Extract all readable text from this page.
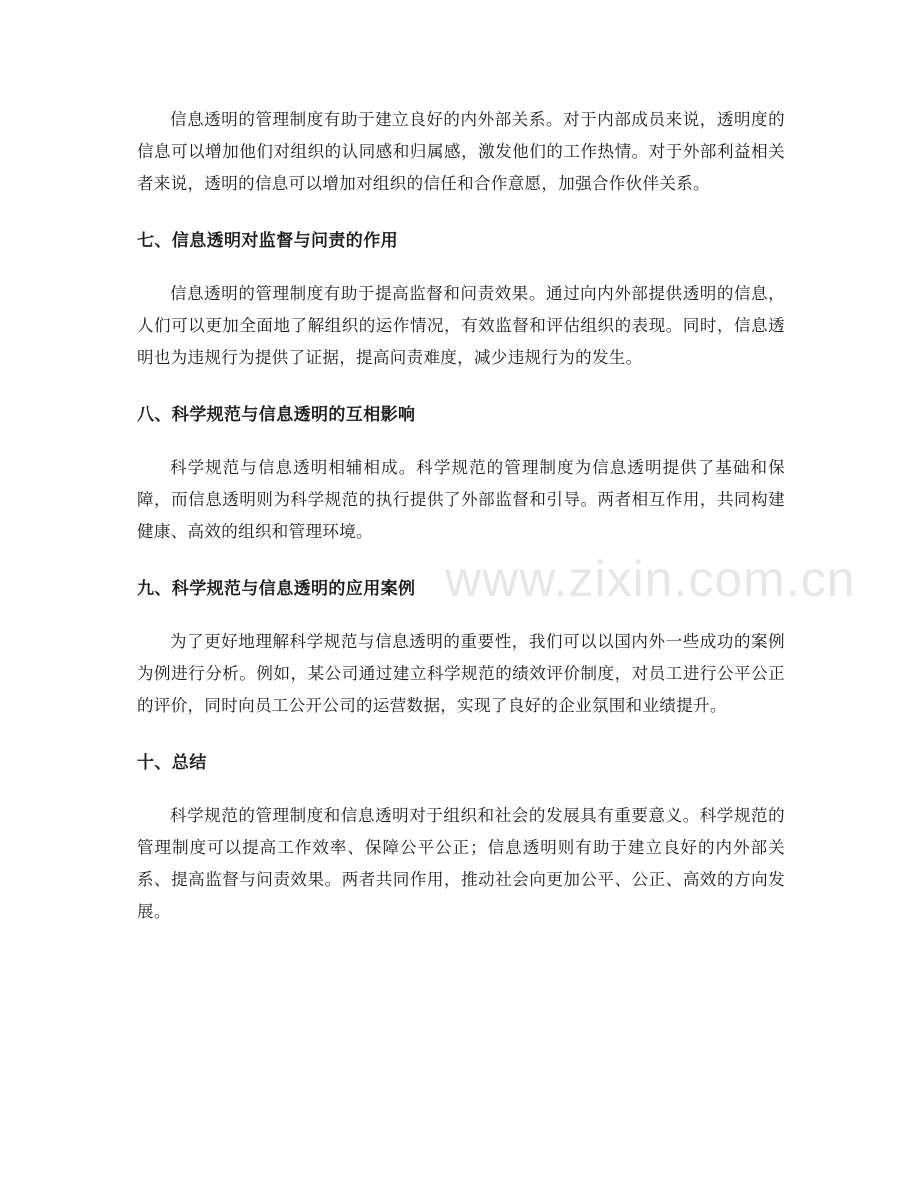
信息透明的管理制度有助于建立良好的内外部关系。对于内部成员来说，透明度的信息可以增加他们对组织的认同感和归属感，激发他们的工作热情。对于外部利益相关者来说，透明的信息可以增加对组织的信任和合作意愿，加强合作伙伴关系。

七、信息透明对监督与问责的作用

信息透明的管理制度有助于提高监督和问责效果。通过向内外部提供透明的信息，人们可以更加全面地了解组织的运作情况，有效监督和评估组织的表现。同时，信息透明也为违规行为提供了证据，提高问责难度，减少违规行为的发生。

八、科学规范与信息透明的互相影响

科学规范与信息透明相辅相成。科学规范的管理制度为信息透明提供了基础和保障，而信息透明则为科学规范的执行提供了外部监督和引导。两者相互作用，共同构建健康、高效的组织和管理环境。

九、科学规范与信息透明的应用案例

为了更好地理解科学规范与信息透明的重要性，我们可以以国内外一些成功的案例为例进行分析。例如，某公司通过建立科学规范的绩效评价制度，对员工进行公平公正的评价，同时向员工公开公司的运营数据，实现了良好的企业氛围和业绩提升。

十、总结

科学规范的管理制度和信息透明对于组织和社会的发展具有重要意义。科学规范的管理制度可以提高工作效率、保障公平公正；信息透明则有助于建立良好的内外部关系、提高监督与问责效果。两者共同作用，推动社会向更加公平、公正、高效的方向发展。

www.zixin.com.cn
